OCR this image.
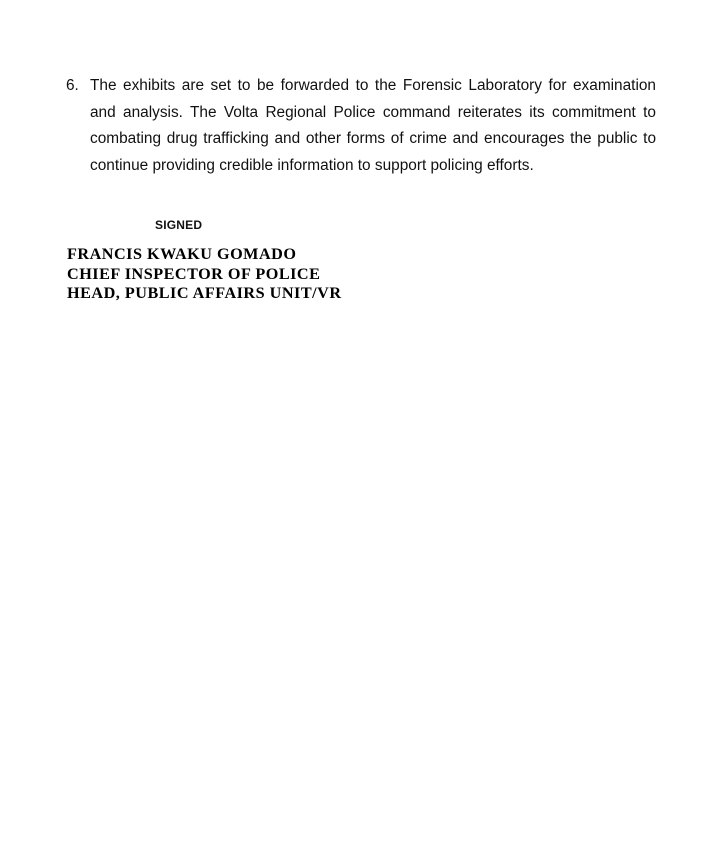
6. The exhibits are set to be forwarded to the Forensic Laboratory for examination and analysis. The Volta Regional Police command reiterates its commitment to combating drug trafficking and other forms of crime and encourages the public to continue providing credible information to support policing efforts.
SIGNED
FRANCIS KWAKU GOMADO
CHIEF INSPECTOR OF POLICE
HEAD, PUBLIC AFFAIRS UNIT/VR
